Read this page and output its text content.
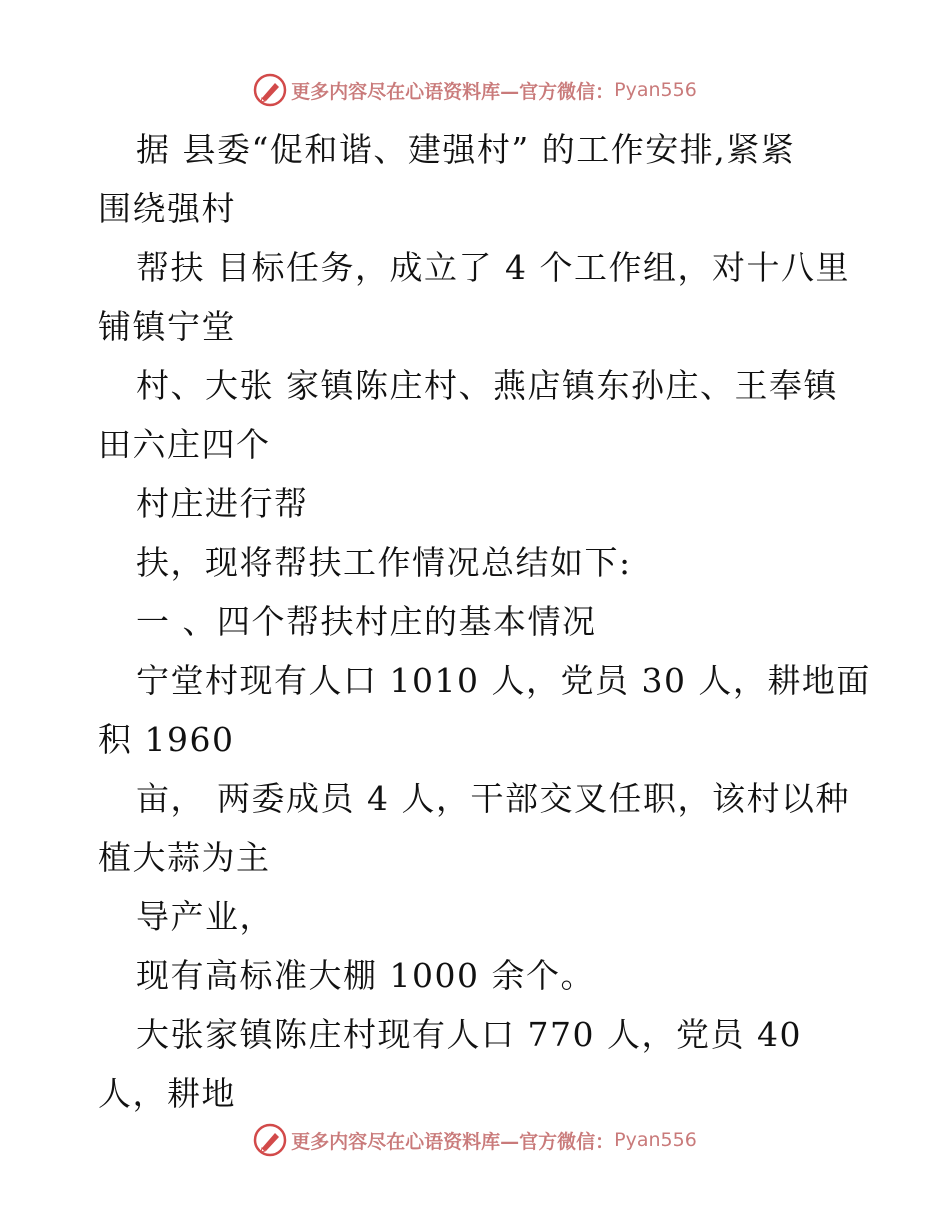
更多内容尽在心语资料库—官方微信： Pyan556
据 县委“促和谐、建强村” 的工作安排,紧紧
围绕强村
帮扶 目标任务，成立了 4 个工作组，对十八里
铺镇宁堂
村、大张 家镇陈庄村、燕店镇东孙庄、王奉镇
田六庄四个
村庄进行帮
扶，现将帮扶工作情况总结如下:
一 、四个帮扶村庄的基本情况
宁堂村现有人口 1010 人，党员 30 人，耕地面
积 1960
亩， 两委成员 4 人，干部交叉任职，该村以种
植大蒜为主
导产业，
现有高标准大棚 1000 余个。
大张家镇陈庄村现有人口 770 人，党员 40
人，耕地
更多内容尽在心语资料库—官方微信： Pyan556
